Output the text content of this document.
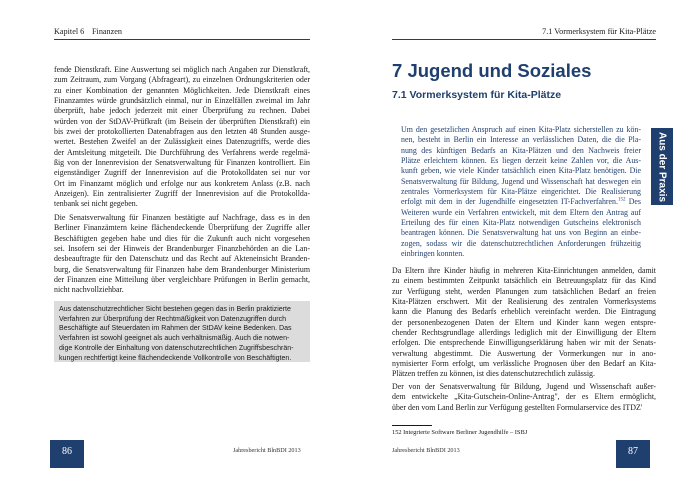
Kapitel 6 Finanzen
fende Dienstkraft. Eine Auswertung sei möglich nach Angaben zur Dienstkraft,
zum Zeitraum, zum Vorgang (Abfrageart), zu einzelnen Ordnungskriterien oder
zu einer Kombination der genannten Möglichkeiten. Jede Dienstkraft eines
Finanzamtes würde grundsätzlich einmal, nur in Einzelfällen zweimal im Jahr
überprüft, habe jedoch jederzeit mit einer Überprüfung zu rechnen. Dabei
würden von der StDAV-Prüfkraft (im Beisein der überprüften Dienstkraft) ein
bis zwei der protokollierten Datenabfragen aus den letzten 48 Stunden ausge-
wertet. Bestehen Zweifel an der Zulässigkeit eines Datenzugriffs, werde dies
der Amtsleitung mitgeteilt. Die Durchführung des Verfahrens werde regelmä-
ßig von der Innenrevision der Senatsverwaltung für Finanzen kontrolliert. Ein
eigenständiger Zugriff der Innenrevision auf die Protokolldaten sei nur vor
Ort im Finanzamt möglich und erfolge nur aus konkretem Anlass (z.B. nach
Anzeigen). Ein zentralisierter Zugriff der Innenrevision auf die Protokollda-
tenbank sei nicht gegeben.
Die Senatsverwaltung für Finanzen bestätigte auf Nachfrage, dass es in den
Berliner Finanzämtern keine flächendeckende Überprüfung der Zugriffe aller
Beschäftigten gegeben habe und dies für die Zukunft auch nicht vorgesehen
sei. Insofern sei der Hinweis der Brandenburger Finanzbehörden an die Lan-
desbeauftragte für den Datenschutz und das Recht auf Akteneinsicht Branden-
burg, die Senatsverwaltung für Finanzen habe dem Brandenburger Ministerium
der Finanzen eine Mitteilung über vergleichbare Prüfungen in Berlin gemacht,
nicht nachvollziehbar.
Aus datenschutzrechtlicher Sicht bestehen gegen das in Berlin praktizierte
Verfahren zur Überprüfung der Rechtmäßigkeit von Datenzugriffen durch
Beschäftigte auf Steuerdaten im Rahmen der StDAV keine Bedenken. Das
Verfahren ist sowohl geeignet als auch verhältnismäßig. Auch die notwen-
dige Kontrolle der Einhaltung von datenschutzrechtlichen Zugriffsbeschrän-
kungen rechtfertigt keine flächendeckende Vollkontrolle von Beschäftigten.
86	Jahresbericht BlnBDI 2013
7.1 Vormerksystem für Kita-Plätze
7 Jugend und Soziales
7.1 Vormerksystem für Kita-Plätze
Um den gesetzlichen Anspruch auf einen Kita-Platz sicherstellen zu kön-
nen, besteht in Berlin ein Interesse an verlässlichen Daten, die die Pla-
nung des künftigen Bedarfs an Kita-Plätzen und den Nachweis freier
Plätze erleichtern können. Es liegen derzeit keine Zahlen vor, die Aus-
kunft geben, wie viele Kinder tatsächlich einen Kita-Platz benötigen. Die
Senatsverwaltung für Bildung, Jugend und Wissenschaft hat deswegen ein
zentrales Vormerksystem für Kita-Plätze eingerichtet. Die Realisierung
erfolgt mit dem in der Jugendhilfe eingesetzten IT-Fachverfahren.$^{152}$ Des
Weiteren wurde ein Verfahren entwickelt, mit dem Eltern den Antrag auf
Erteilung des für einen Kita-Platz notwendigen Gutscheins elektronisch
beantragen können. Die Senatsverwaltung hat uns von Beginn an einbe-
zogen, sodass wir die datenschutzrechtlichen Anforderungen frühzeitig
einbringen konnten.
Da Eltern ihre Kinder häufig in mehreren Kita-Einrichtungen anmelden, damit
zu einem bestimmten Zeitpunkt tatsächlich ein Betreuungsplatz für das Kind
zur Verfügung steht, werden Planungen zum tatsächlichen Bedarf an freien
Kita-Plätzen erschwert. Mit der Realisierung des zentralen Vormerksystems
kann die Planung des Bedarfs erheblich vereinfacht werden. Die Eintragung
der personenbezogenen Daten der Eltern und Kinder kann wegen entspre-
chender Rechtsgrundlage allerdings lediglich mit der Einwilligung der Eltern
erfolgen. Die entsprechende Einwilligungserklärung haben wir mit der Senats-
verwaltung abgestimmt. Die Auswertung der Vormerkungen nur in ano-
nymisierter Form erfolgt, um verlässliche Prognosen über den Bedarf an Kita-
Plätzen treffen zu können, ist dies datenschutzrechtlich zulässig.
Der von der Senatsverwaltung für Bildung, Jugend und Wissenschaft außer-
dem entwickelte „Kita-Gutschein-Online-Antrag", der es Eltern ermöglicht,
über den vom Land Berlin zur Verfügung gestellten Formularservice des ITDZ'
Aus der Praxis
152 Integrierte Software Berliner Jugendhilfe – ISBJ
87
Jahresbericht BlnBDI 2013
